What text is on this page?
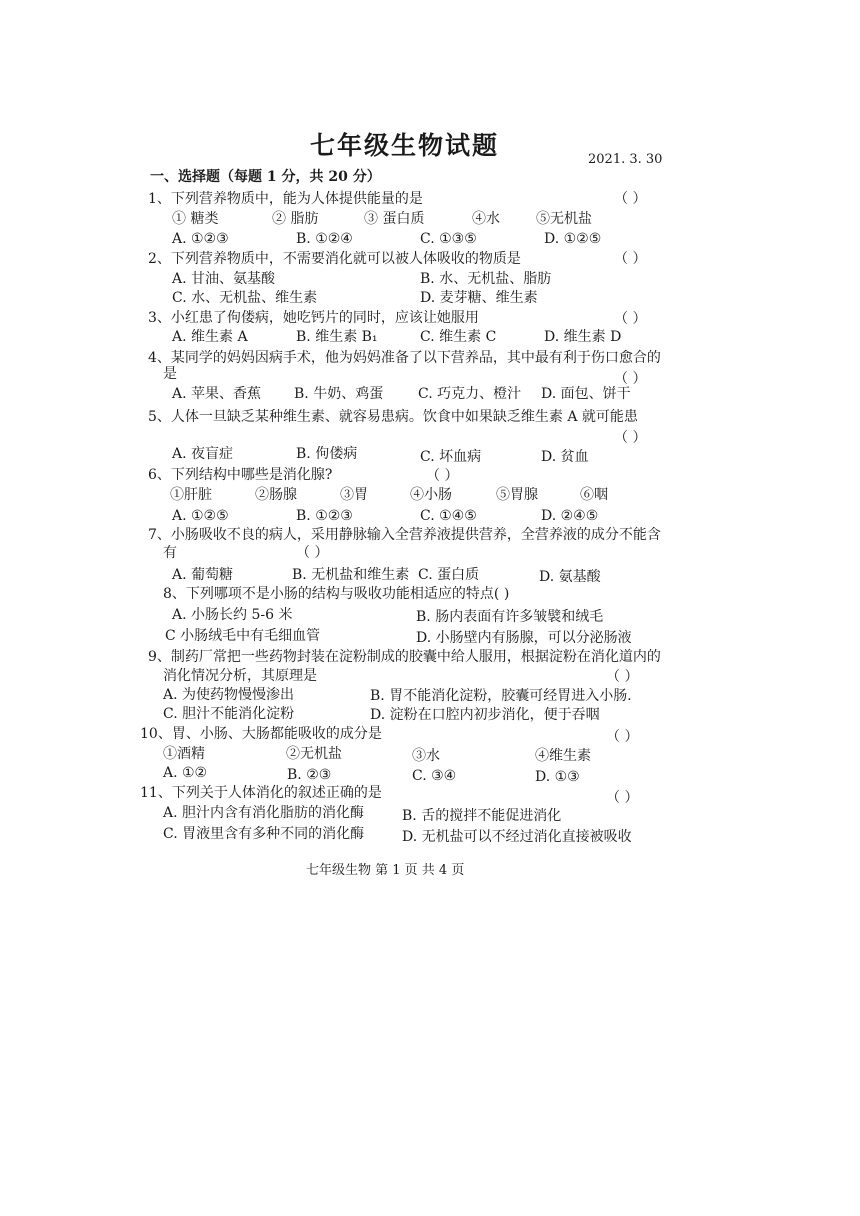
七年级生物试题	2021. 3. 30
一、选择题（每题 1 分，共 20 分）
1、下列营养物质中，能为人体提供能量的是	（ ）
① 糖类	② 脂肪	③ 蛋白质	④水	⑤无机盐
A. ①②③	B. ①②④	C. ①③⑤	D. ①②⑤
2、下列营养物质中，不需要消化就可以被人体吸收的物质是	（ ）
A. 甘油、氨基酸	B. 水、无机盐、脂肪
C. 水、无机盐、维生素	D. 麦芽糖、维生素
3、小红患了佝偻病，她吃钙片的同时，应该让她服用	（ ）
A. 维生素 A	B. 维生素 B₁	C. 维生素 C	D. 维生素 D
4、某同学的妈妈因病手术，他为妈妈准备了以下营养品，其中最有利于伤口愈合的
是	（ ）
A. 苹果、香蕉 B. 牛奶、鸡蛋 C. 巧克力、橙汁 D. 面包、饼干
5、人体一旦缺乏某种维生素、就容易患病。饮食中如果缺乏维生素 A 就可能患
（ ）
A. 夜盲症	B. 佝偻病	C. 坏血病	D. 贫血
6、下列结构中哪些是消化腺?	（ ）
①肝脏	②肠腺	③胃	④小肠	⑤胃腺	⑥咽
A. ①②⑤	B. ①②③	C. ①④⑤	D. ②④⑤
7、小肠吸收不良的病人，采用静脉输入全营养液提供营养，全营养液的成分不能含
有	（ ）
A. 葡萄糖	B. 无机盐和维生素 C. 蛋白质	D. 氨基酸
8、下列哪项不是小肠的结构与吸收功能相适应的特点( )
A. 小肠长约 5-6 米	B. 肠内表面有许多皱襞和绒毛
C 小肠绒毛中有毛细血管	D. 小肠壁内有肠腺，可以分泌肠液
9、制药厂常把一些药物封装在淀粉制成的胶囊中给人服用，根据淀粉在消化道内的
消化情况分析，其原理是	（ ）
A. 为使药物慢慢渗出	B. 胃不能消化淀粉，胶囊可经胃进入小肠.
C. 胆汁不能消化淀粉	D. 淀粉在口腔内初步消化，便于吞咽
10、胃、小肠、大肠都能吸收的成分是	（ ）
①酒精	②无机盐	③水	④维生素
A. ①②	B. ②③	C. ③④	D. ①③
11、下列关于人体消化的叙述正确的是	（ ）
A. 胆汁内含有消化脂肪的消化酶	B. 舌的搅拌不能促进消化
C. 胃液里含有多种不同的消化酶	D. 无机盐可以不经过消化直接被吸收
七年级生物 第 1 页 共 4 页
